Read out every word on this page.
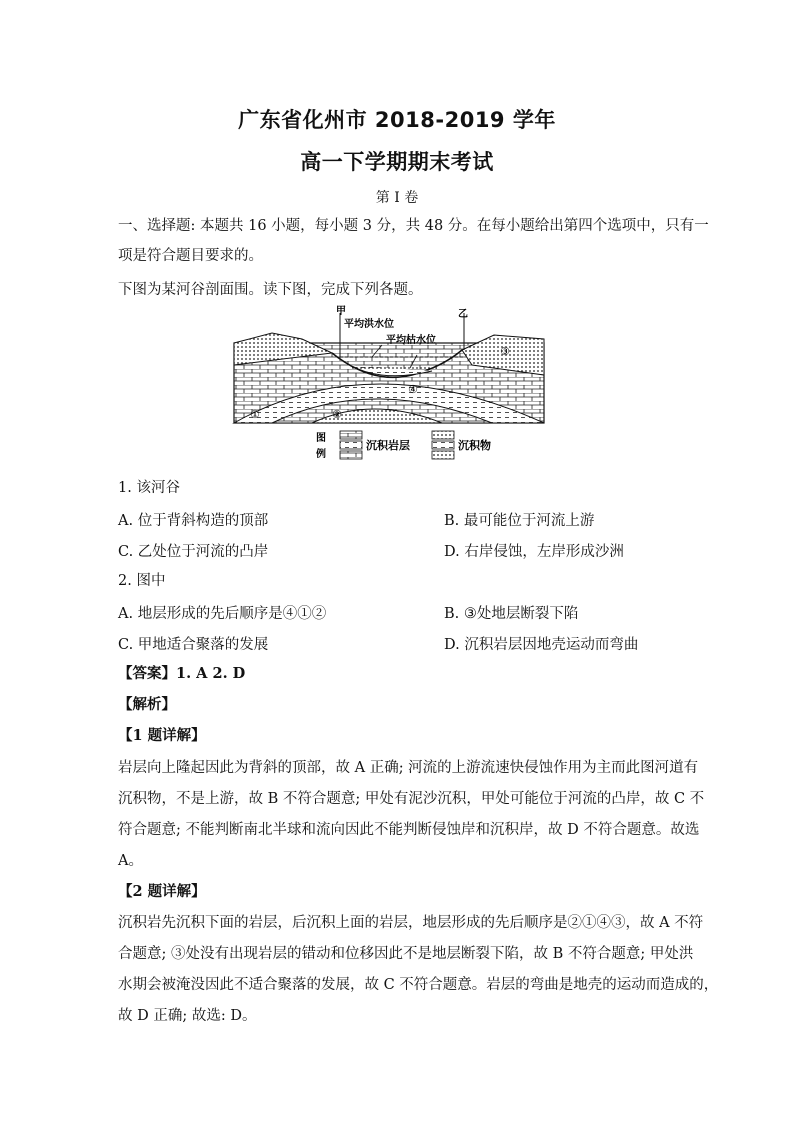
广东省化州市 2018-2019 学年
高一下学期期末考试
第 I 卷
一、选择题: 本题共 16 小题，每小题 3 分，共 48 分。在每小题给出第四个选项中，只有一
项是符合题目要求的。
下图为某河谷剖面围。读下图，完成下列各题。
甲	乙
平均洪水位
平均枯水位
③
④
①	②
图
例
沉积岩层	沉积物
1. 该河谷
A. 位于背斜构造的顶部	B. 最可能位于河流上游
C. 乙处位于河流的凸岸	D. 右岸侵蚀，左岸形成沙洲
2. 图中
A. 地层形成的先后顺序是④①②	B. ③处地层断裂下陷
C. 甲地适合聚落的发展	D. 沉积岩层因地壳运动而弯曲
【答案】1. A 2. D
【解析】
【1 题详解】
岩层向上隆起因此为背斜的顶部，故 A 正确; 河流的上游流速快侵蚀作用为主而此图河道有
沉积物，不是上游，故 B 不符合题意; 甲处有泥沙沉积，甲处可能位于河流的凸岸，故 C 不
符合题意; 不能判断南北半球和流向因此不能判断侵蚀岸和沉积岸，故 D 不符合题意。故选
A。
【2 题详解】
沉积岩先沉积下面的岩层，后沉积上面的岩层，地层形成的先后顺序是②①④③，故 A 不符
合题意; ③处没有出现岩层的错动和位移因此不是地层断裂下陷，故 B 不符合题意; 甲处洪
水期会被淹没因此不适合聚落的发展，故 C 不符合题意。岩层的弯曲是地壳的运动而造成的，
故 D 正确; 故选: D。
